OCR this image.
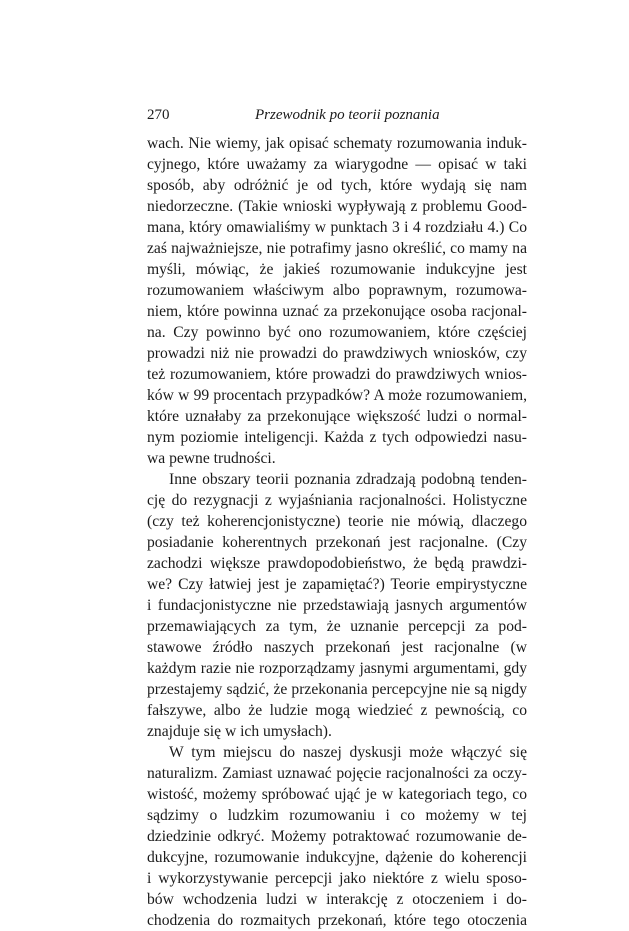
270	Przewodnik po teorii poznania
wach. Nie wiemy, jak opisać schematy rozumowania induk-
cyjnego, które uważamy za wiarygodne — opisać w taki
sposób, aby odróżnić je od tych, które wydają się nam
niedorzeczne. (Takie wnioski wypływają z problemu Good-
mana, który omawialiśmy w punktach 3 i 4 rozdziału 4.) Co
zaś najważniejsze, nie potrafimy jasno określić, co mamy na
myśli, mówiąc, że jakieś rozumowanie indukcyjne jest
rozumowaniem właściwym albo poprawnym, rozumowa-
niem, które powinna uznać za przekonujące osoba racjonal-
na. Czy powinno być ono rozumowaniem, które częściej
prowadzi niż nie prowadzi do prawdziwych wniosków, czy
też rozumowaniem, które prowadzi do prawdziwych wnios-
ków w 99 procentach przypadków? A może rozumowaniem,
które uznałaby za przekonujące większość ludzi o normal-
nym poziomie inteligencji. Każda z tych odpowiedzi nasu-
wa pewne trudności.
Inne obszary teorii poznania zdradzają podobną tenden-
cję do rezygnacji z wyjaśniania racjonalności. Holistyczne
(czy też koherencjonistyczne) teorie nie mówią, dlaczego
posiadanie koherentnych przekonań jest racjonalne. (Czy
zachodzi większe prawdopodobieństwo, że będą prawdzi-
we? Czy łatwiej jest je zapamiętać?) Teorie empirystyczne
i fundacjonistyczne nie przedstawiają jasnych argumentów
przemawiających za tym, że uznanie percepcji za pod-
stawowe źródło naszych przekonań jest racjonalne (w
każdym razie nie rozporządzamy jasnymi argumentami, gdy
przestajemy sądzić, że przekonania percepcyjne nie są nigdy
fałszywe, albo że ludzie mogą wiedzieć z pewnością, co
znajduje się w ich umysłach).
W tym miejscu do naszej dyskusji może włączyć się
naturalizm. Zamiast uznawać pojęcie racjonalności za oczy-
wistość, możemy spróbować ująć je w kategoriach tego, co
sądzimy o ludzkim rozumowaniu i co możemy w tej
dziedzinie odkryć. Możemy potraktować rozumowanie de-
dukcyjne, rozumowanie indukcyjne, dążenie do koherencji
i wykorzystywanie percepcji jako niektóre z wielu sposo-
bów wchodzenia ludzi w interakcję z otoczeniem i do-
chodzenia do rozmaitych przekonań, które tego otoczenia
